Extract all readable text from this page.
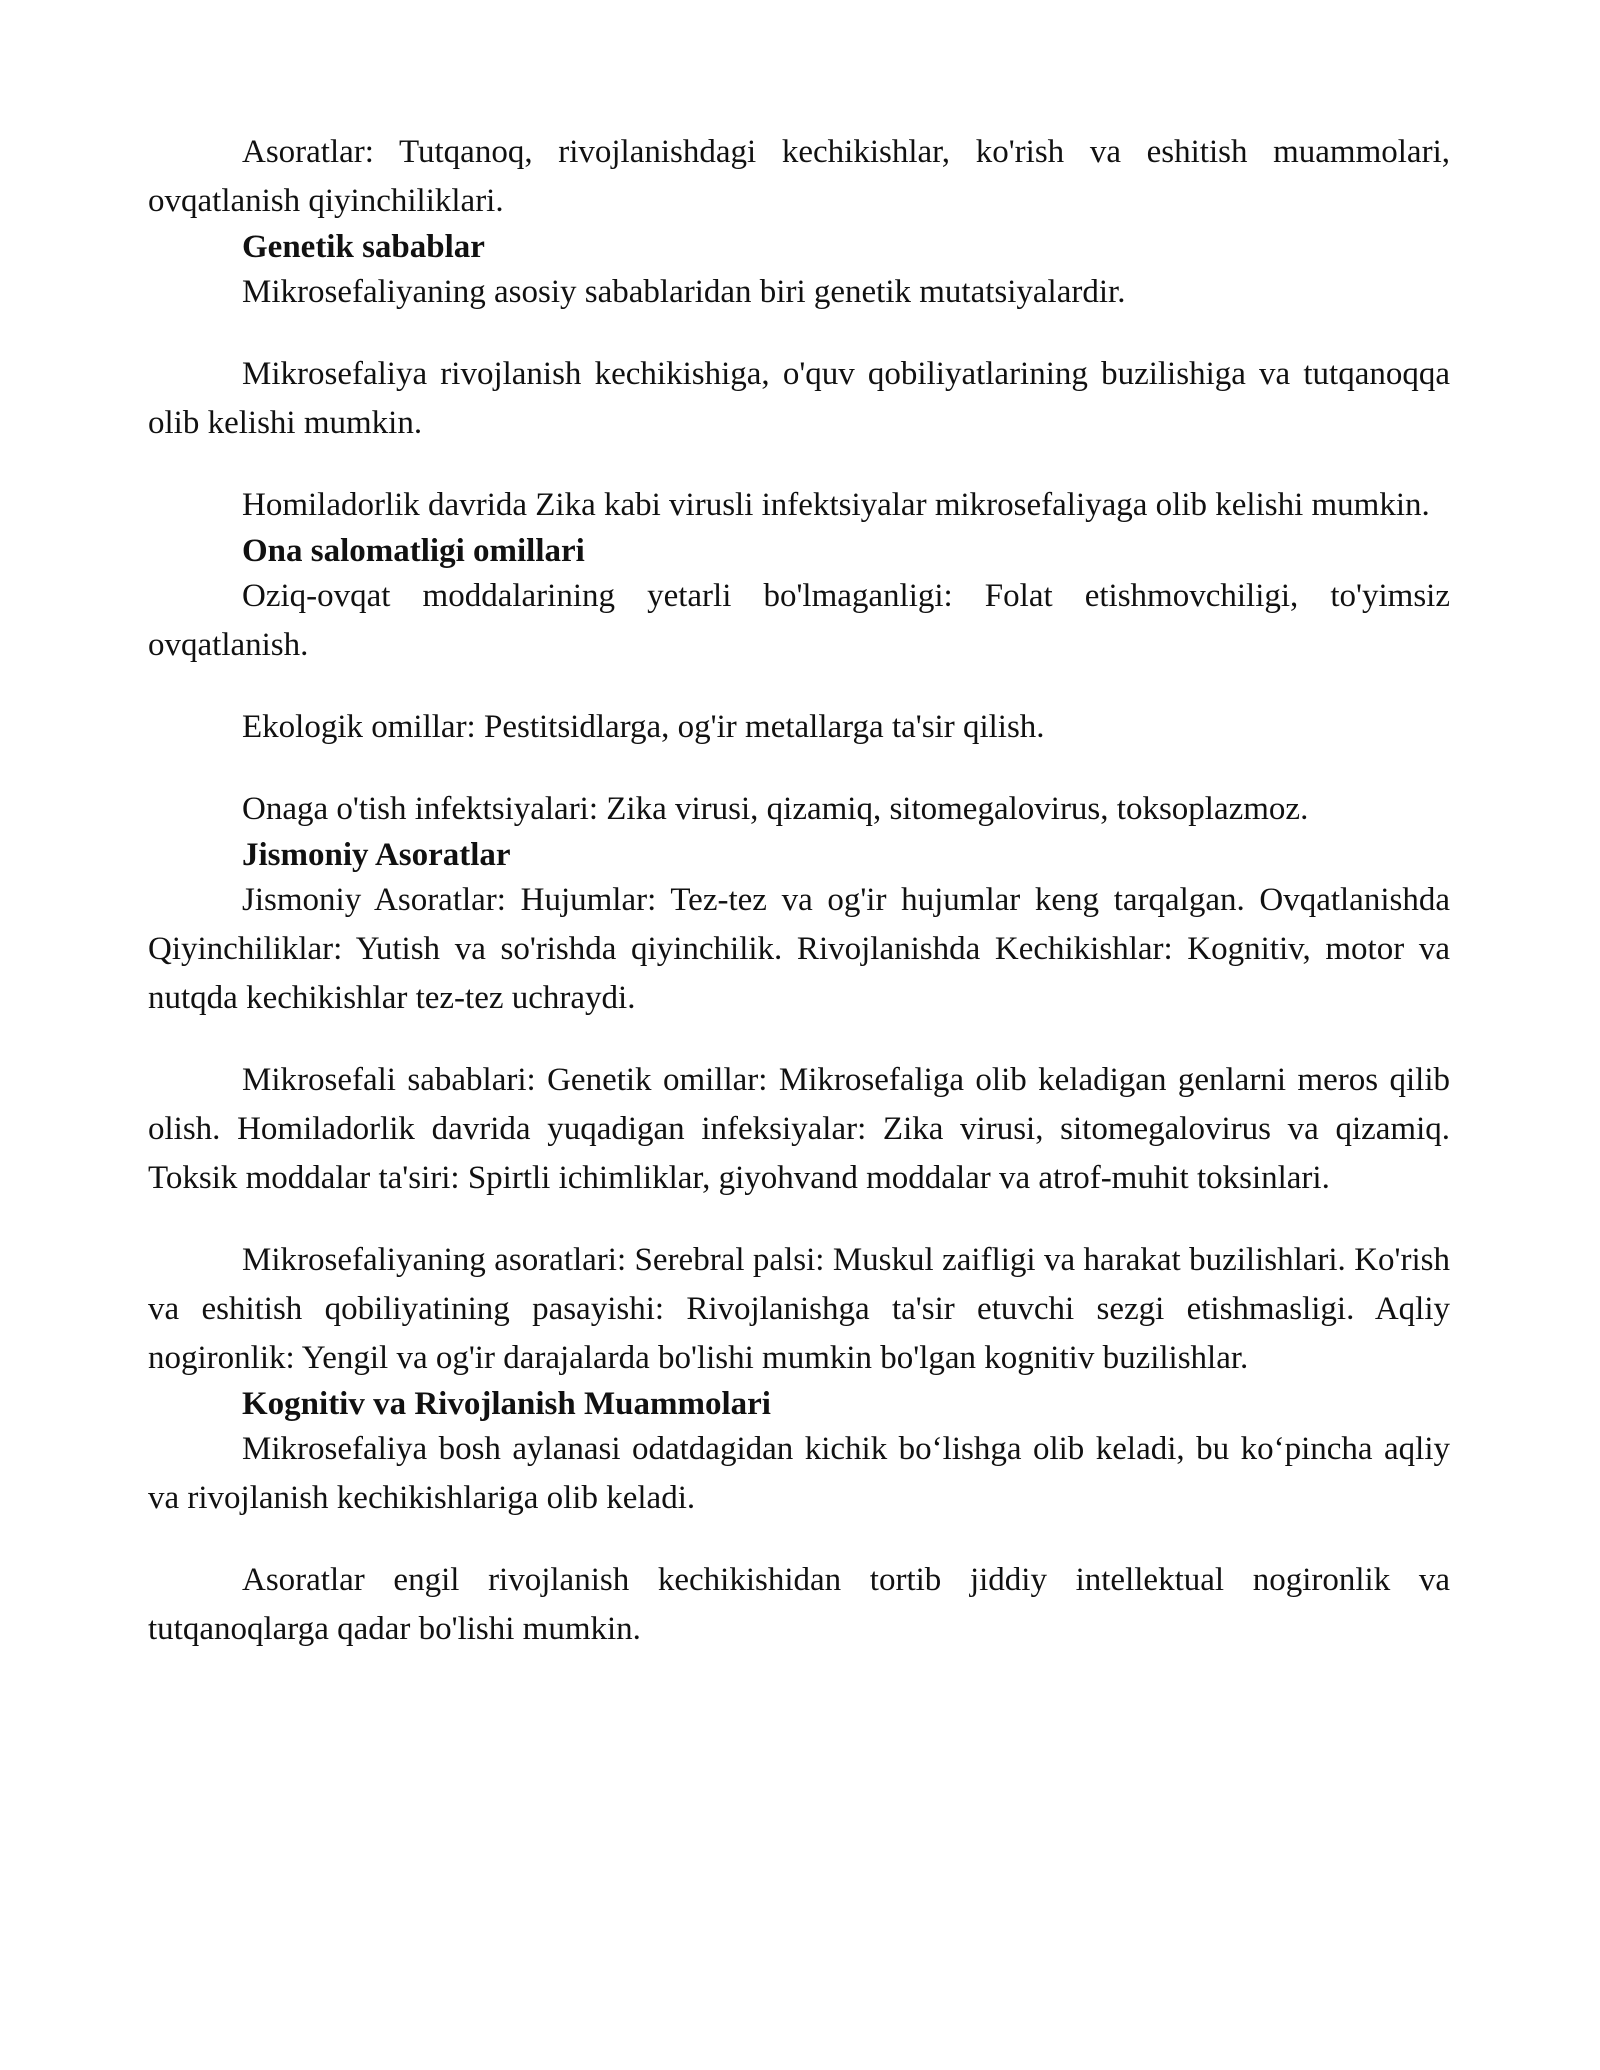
Asoratlar: Tutqanoq, rivojlanishdagi kechikishlar, ko'rish va eshitish muammolari, ovqatlanish qiyinchiliklari.

Genetik sabablar

Mikrosefaliyaning asosiy sabablaridan biri genetik mutatsiyalardir.

Mikrosefaliya rivojlanish kechikishiga, o'quv qobiliyatlarining buzilishiga va tutqanoqqa olib kelishi mumkin.

Homiladorlik davrida Zika kabi virusli infektsiyalar mikrosefaliyaga olib kelishi mumkin.

Ona salomatligi omillari

Oziq-ovqat moddalarining yetarli bo'lmaganligi: Folat etishmovchiligi, to'yimsiz ovqatlanish.

Ekologik omillar: Pestitsidlarga, og'ir metallarga ta'sir qilish.

Onaga o'tish infektsiyalari: Zika virusi, qizamiq, sitomegalovirus, toksoplazmoz.

Jismoniy Asoratlar

Jismoniy Asoratlar: Hujumlar: Tez-tez va og'ir hujumlar keng tarqalgan. Ovqatlanishda Qiyinchiliklar: Yutish va so'rishda qiyinchilik. Rivojlanishda Kechikishlar: Kognitiv, motor va nutqda kechikishlar tez-tez uchraydi.

Mikrosefali sabablari: Genetik omillar: Mikrosefaliga olib keladigan genlarni meros qilib olish. Homiladorlik davrida yuqadigan infeksiyalar: Zika virusi, sitomegalovirus va qizamiq. Toksik moddalar ta'siri: Spirtli ichimliklar, giyohvand moddalar va atrof-muhit toksinlari.

Mikrosefaliyaning asoratlari: Serebral palsi: Muskul zaifligi va harakat buzilishlari. Ko'rish va eshitish qobiliyatining pasayishi: Rivojlanishga ta'sir etuvchi sezgi etishmasligi. Aqliy nogironlik: Yengil va og'ir darajalarda bo'lishi mumkin bo'lgan kognitiv buzilishlar.

Kognitiv va Rivojlanish Muammolari

Mikrosefaliya bosh aylanasi odatdagidan kichik bo‘lishga olib keladi, bu ko‘pincha aqliy va rivojlanish kechikishlariga olib keladi.

Asoratlar engil rivojlanish kechikishidan tortib jiddiy intellektual nogironlik va tutqanoqlarga qadar bo'lishi mumkin.
